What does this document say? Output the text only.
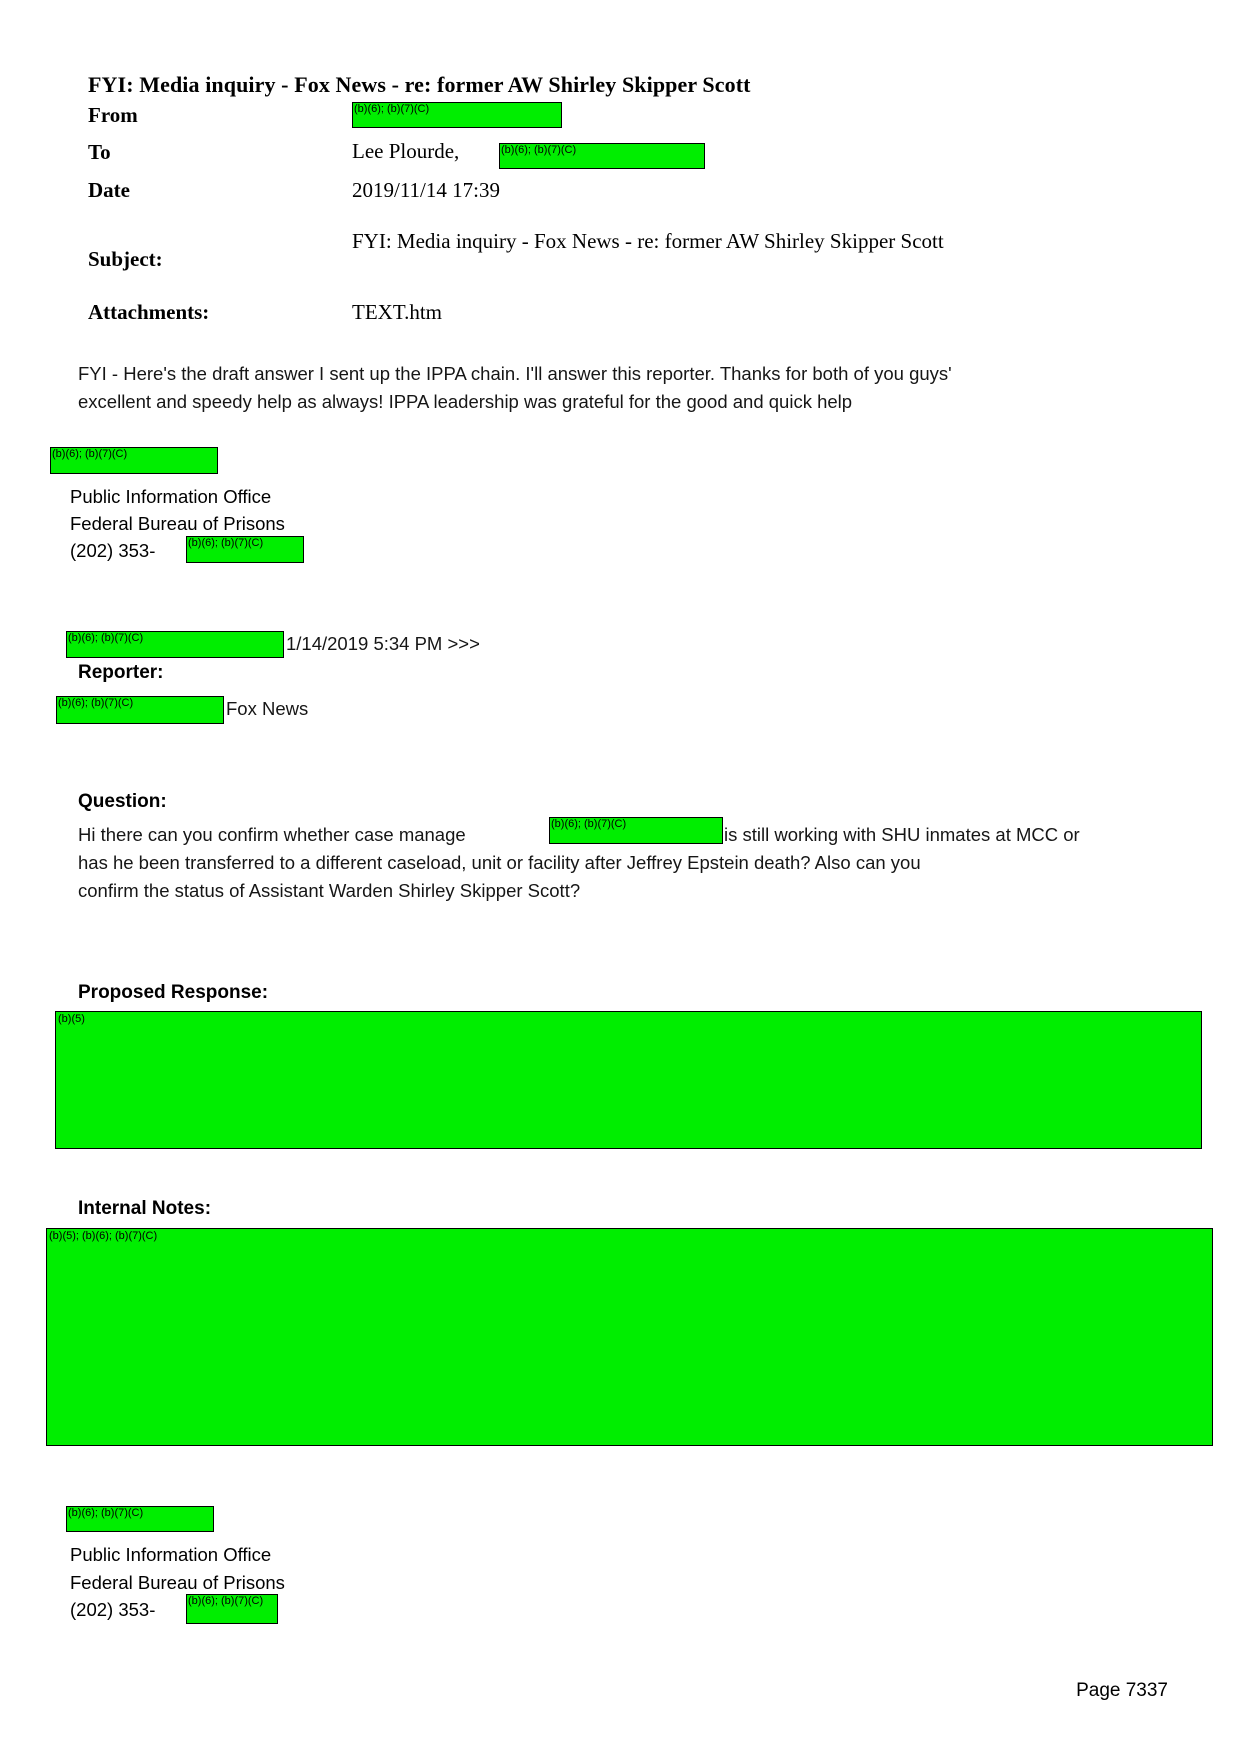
FYI: Media inquiry - Fox News - re: former AW Shirley Skipper Scott
From	(b)(6); (b)(7)(C)
To	Lee Plourde,	(b)(6); (b)(7)(C)
Date	2019/11/14 17:39
Subject:
FYI: Media inquiry - Fox News - re: former AW Shirley Skipper Scott
Attachments:	TEXT.htm
FYI - Here's the draft answer I sent up the IPPA chain. I'll answer this reporter. Thanks for both of you guys'
excellent and speedy help as always! IPPA leadership was grateful for the good and quick help
(b)(6); (b)(7)(C)
Public Information Office
Federal Bureau of Prisons
(202) 353-	(b)(6); (b)(7)(C)
(b)(6); (b)(7)(C)	1/14/2019 5:34 PM >>>
Reporter:
(b)(6); (b)(7)(C)	Fox News
Question:
Hi there can you confirm whether case manage	(b)(6); (b)(7)(C)	is still working with SHU inmates at MCC or
has he been transferred to a different caseload, unit or facility after Jeffrey Epstein death? Also can you
confirm the status of Assistant Warden Shirley Skipper Scott?
Proposed Response:
(b)(5)
Internal Notes:
(b)(5); (b)(6); (b)(7)(C)
(b)(6); (b)(7)(C)
Public Information Office
Federal Bureau of Prisons
(202) 353-	(b)(6); (b)(7)(C)
Page 7337
